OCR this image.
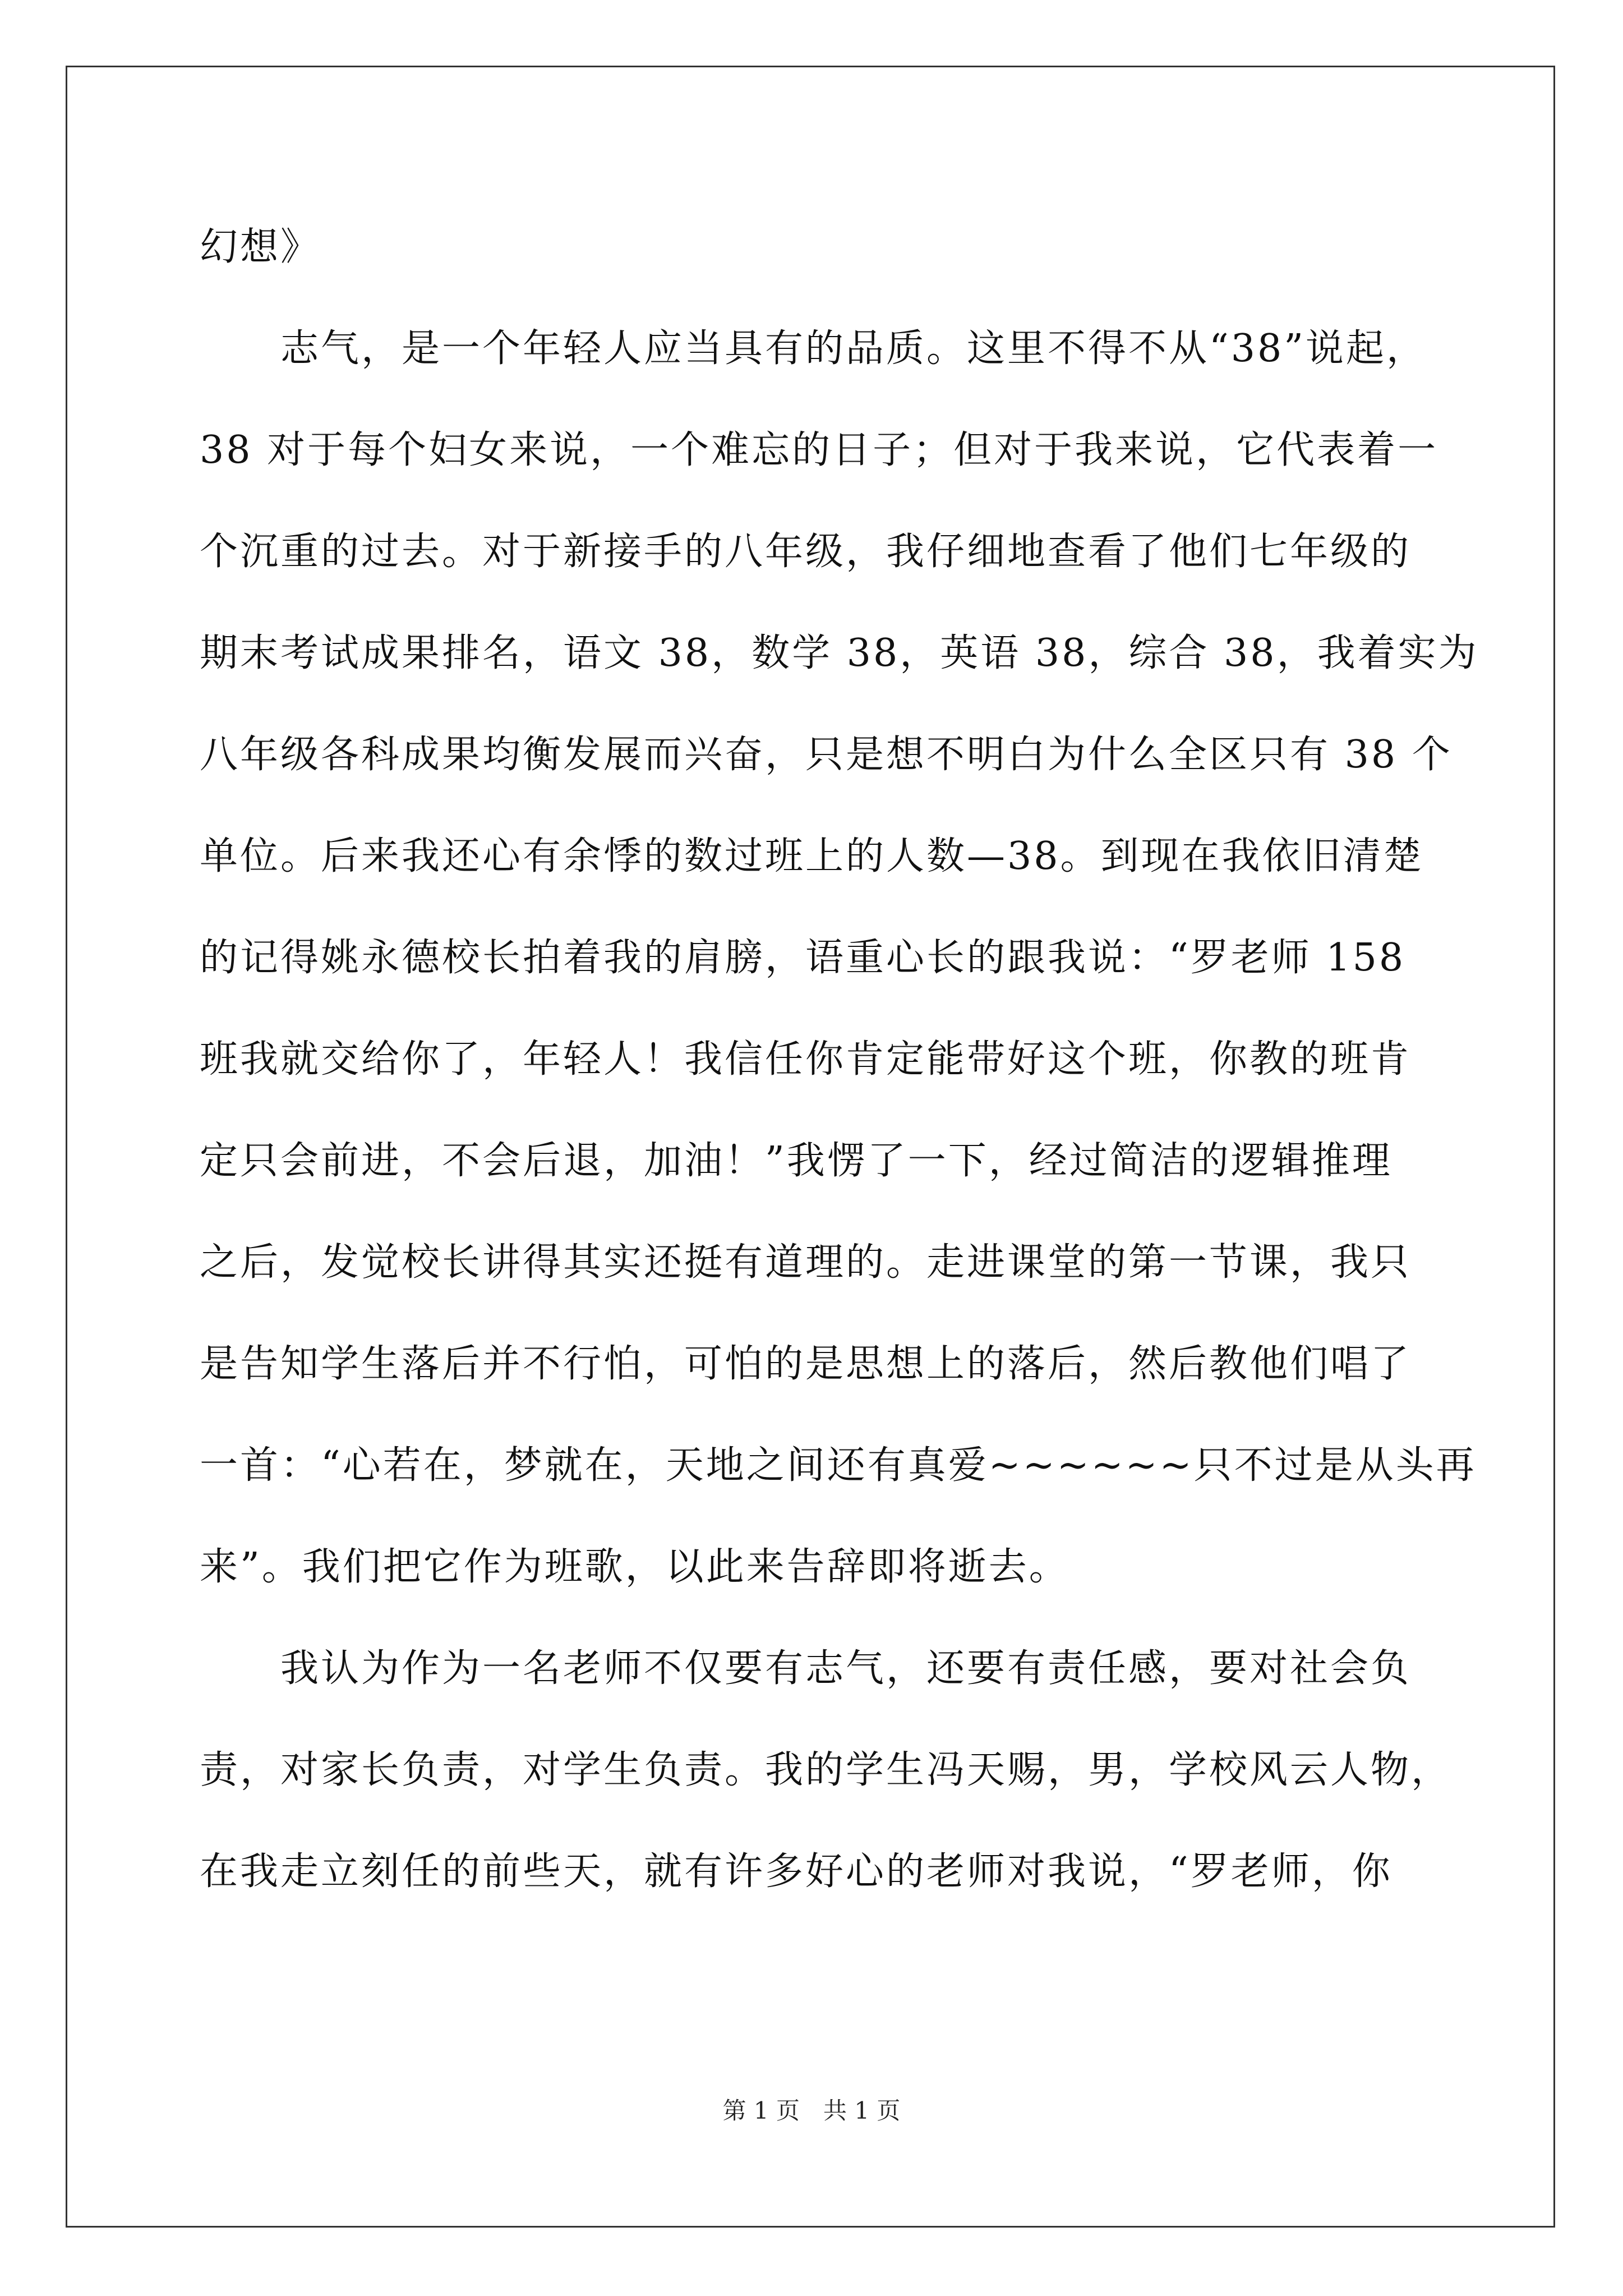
幻想》
　　志气，是一个年轻人应当具有的品质。这里不得不从“38”说起，
38 对于每个妇女来说，一个难忘的日子；但对于我来说，它代表着一
个沉重的过去。对于新接手的八年级，我仔细地查看了他们七年级的
期末考试成果排名，语文 38，数学 38，英语 38，综合 38，我着实为
八年级各科成果均衡发展而兴奋，只是想不明白为什么全区只有 38 个
单位。后来我还心有余悸的数过班上的人数—38。到现在我依旧清楚
的记得姚永德校长拍着我的肩膀，语重心长的跟我说：“罗老师 158
班我就交给你了，年轻人！我信任你肯定能带好这个班，你教的班肯
定只会前进，不会后退，加油！”我愣了一下，经过简洁的逻辑推理
之后，发觉校长讲得其实还挺有道理的。走进课堂的第一节课，我只
是告知学生落后并不行怕，可怕的是思想上的落后，然后教他们唱了
一首：“心若在，梦就在，天地之间还有真爱~~~~~~只不过是从头再
来”。我们把它作为班歌，以此来告辞即将逝去。
　　我认为作为一名老师不仅要有志气，还要有责任感，要对社会负
责，对家长负责，对学生负责。我的学生冯天赐，男，学校风云人物，
在我走立刻任的前些天，就有许多好心的老师对我说，“罗老师，你
第 1 页　共 1 页
